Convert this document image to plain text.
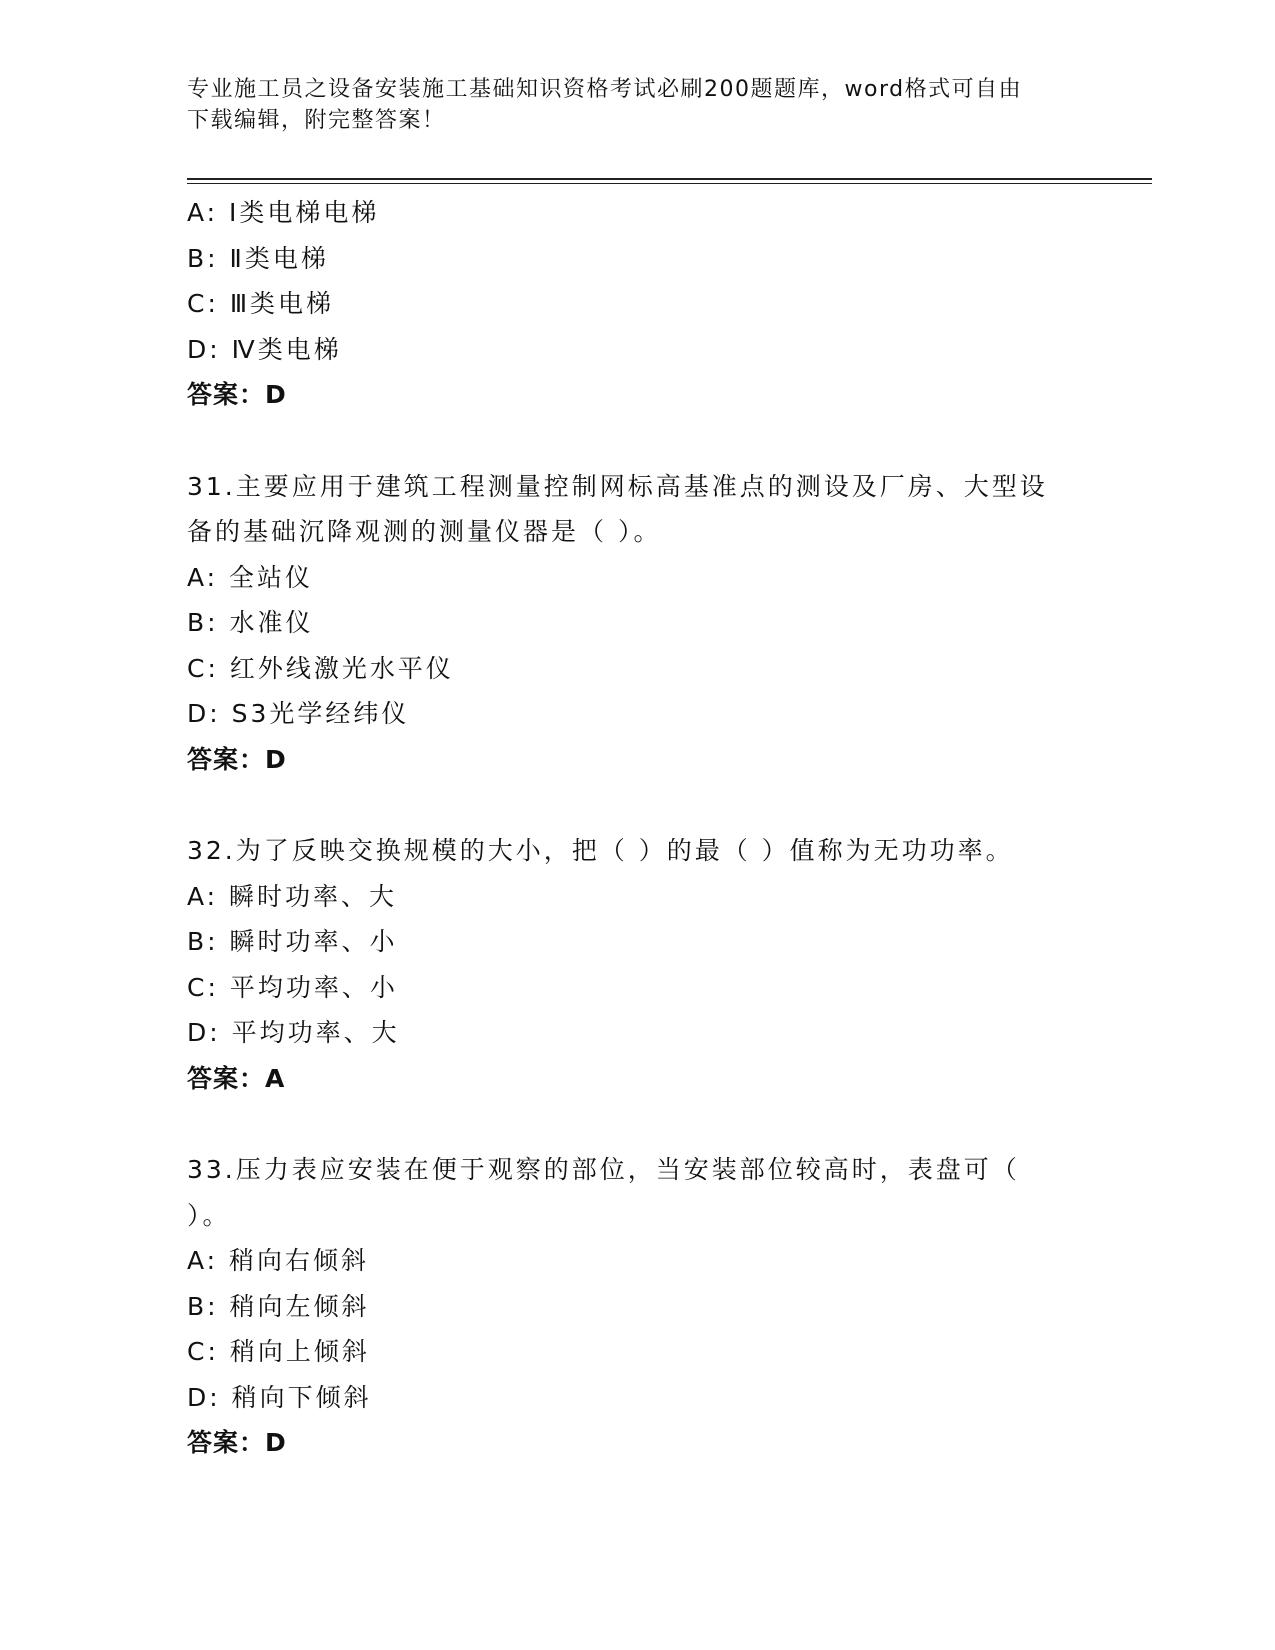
专业施工员之设备安装施工基础知识资格考试必刷200题题库，word格式可自由
下载编辑，附完整答案！
A: Ⅰ类电梯电梯
B: Ⅱ类电梯
C: Ⅲ类电梯
D: Ⅳ类电梯
答案：D
31.主要应用于建筑工程测量控制网标高基准点的测设及厂房、大型设
备的基础沉降观测的测量仪器是（ ）。
A: 全站仪
B: 水准仪
C: 红外线激光水平仪
D: S3光学经纬仪
答案：D
32.为了反映交换规模的大小，把（ ）的最（ ）值称为无功功率。
A: 瞬时功率、大
B: 瞬时功率、小
C: 平均功率、小
D: 平均功率、大
答案：A
33.压力表应安装在便于观察的部位，当安装部位较高时，表盘可（
）。
A: 稍向右倾斜
B: 稍向左倾斜
C: 稍向上倾斜
D: 稍向下倾斜
答案：D
